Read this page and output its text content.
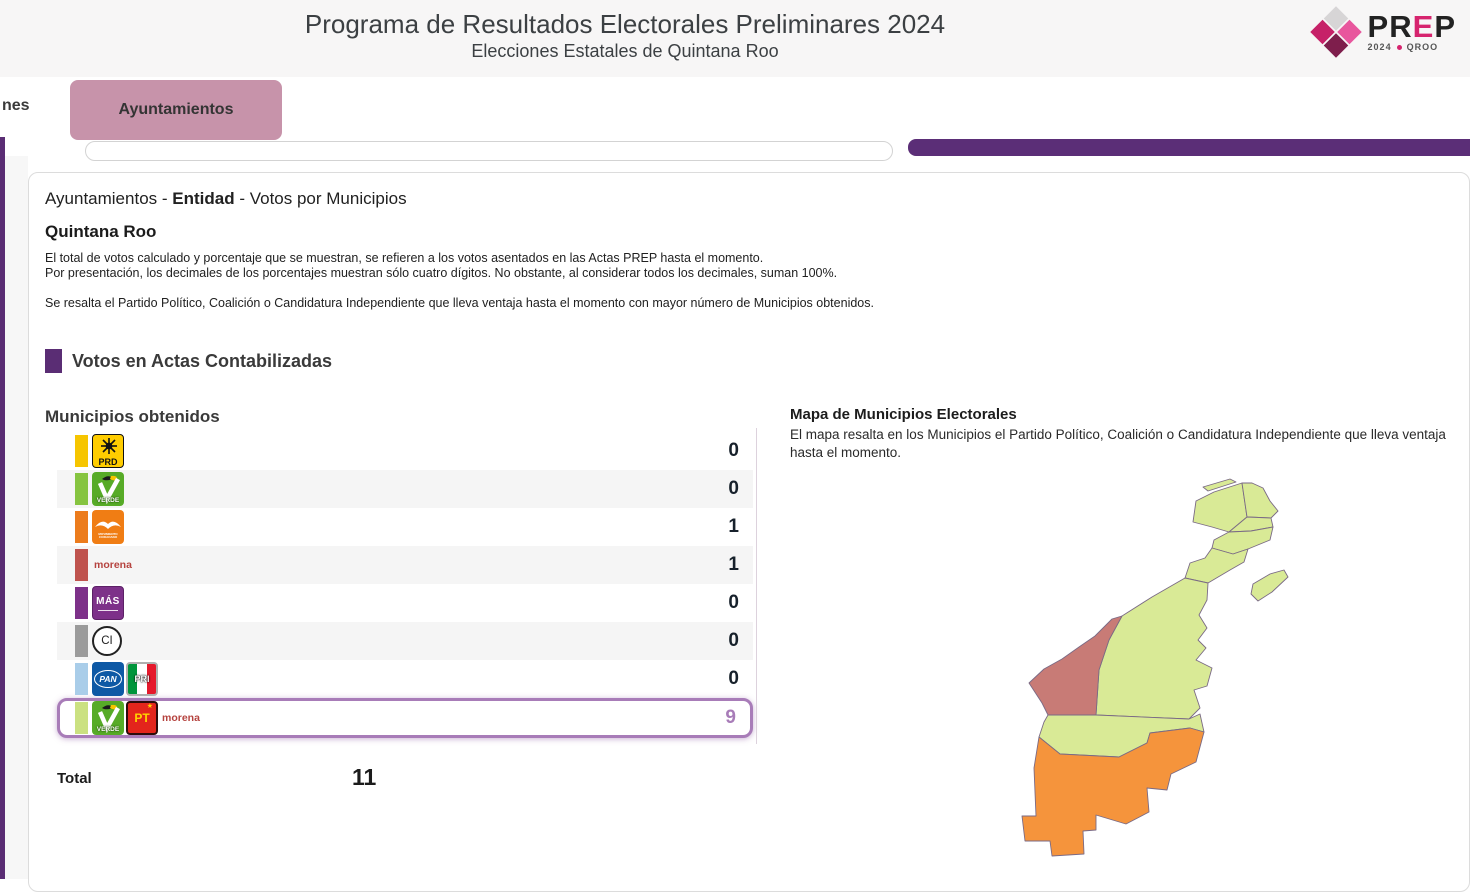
Programa de Resultados Electorales Preliminares 2024
Elecciones Estatales de Quintana Roo
PREP
2024 QROO
nes	Ayuntamientos
Ayuntamientos - Entidad - Votos por Municipios
Quintana Roo
El total de votos calculado y porcentaje que se muestran, se refieren a los votos asentados en las Actas PREP hasta el momento.
Por presentación, los decimales de los porcentajes muestran sólo cuatro dígitos. No obstante, al considerar todos los decimales, suman 100%.
Se resalta el Partido Político, Coalición o Candidatura Independiente que lleva ventaja hasta el momento con mayor número de Municipios obtenidos.
Votos en Actas Contabilizadas
Municipios obtenidos
PRD
0
VERDE
0
MOVIMIENTO CIUDADANO	1
morena	1
MÁS	0
CI	0
PAN PRI	0
VERDE
PT
★
morena	9
Total	11
Mapa de Municipios Electorales
El mapa resalta en los Municipios el Partido Político, Coalición o Candidatura Independiente que lleva ventaja hasta el momento.
